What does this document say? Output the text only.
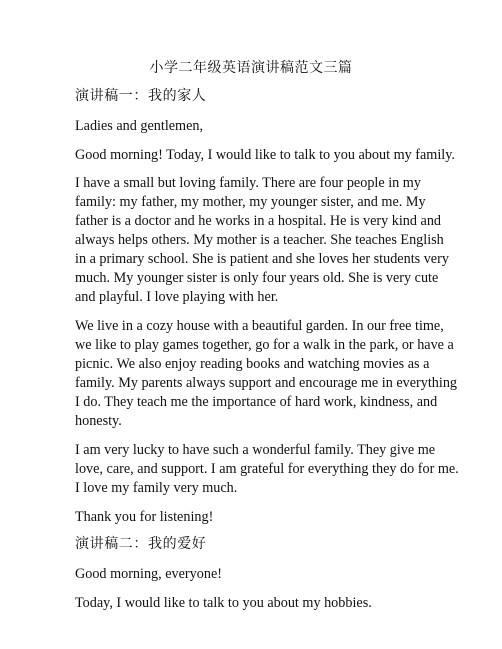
小学二年级英语演讲稿范文三篇
演讲稿一：我的家人
Ladies and gentlemen,
Good morning! Today, I would like to talk to you about my family.
I have a small but loving family. There are four people in my
family: my father, my mother, my younger sister, and me. My
father is a doctor and he works in a hospital. He is very kind and
always helps others. My mother is a teacher. She teaches English
in a primary school. She is patient and she loves her students very
much. My younger sister is only four years old. She is very cute
and playful. I love playing with her.
We live in a cozy house with a beautiful garden. In our free time,
we like to play games together, go for a walk in the park, or have a
picnic. We also enjoy reading books and watching movies as a
family. My parents always support and encourage me in everything
I do. They teach me the importance of hard work, kindness, and
honesty.
I am very lucky to have such a wonderful family. They give me
love, care, and support. I am grateful for everything they do for me.
I love my family very much.
Thank you for listening!
演讲稿二：我的爱好
Good morning, everyone!
Today, I would like to talk to you about my hobbies.
